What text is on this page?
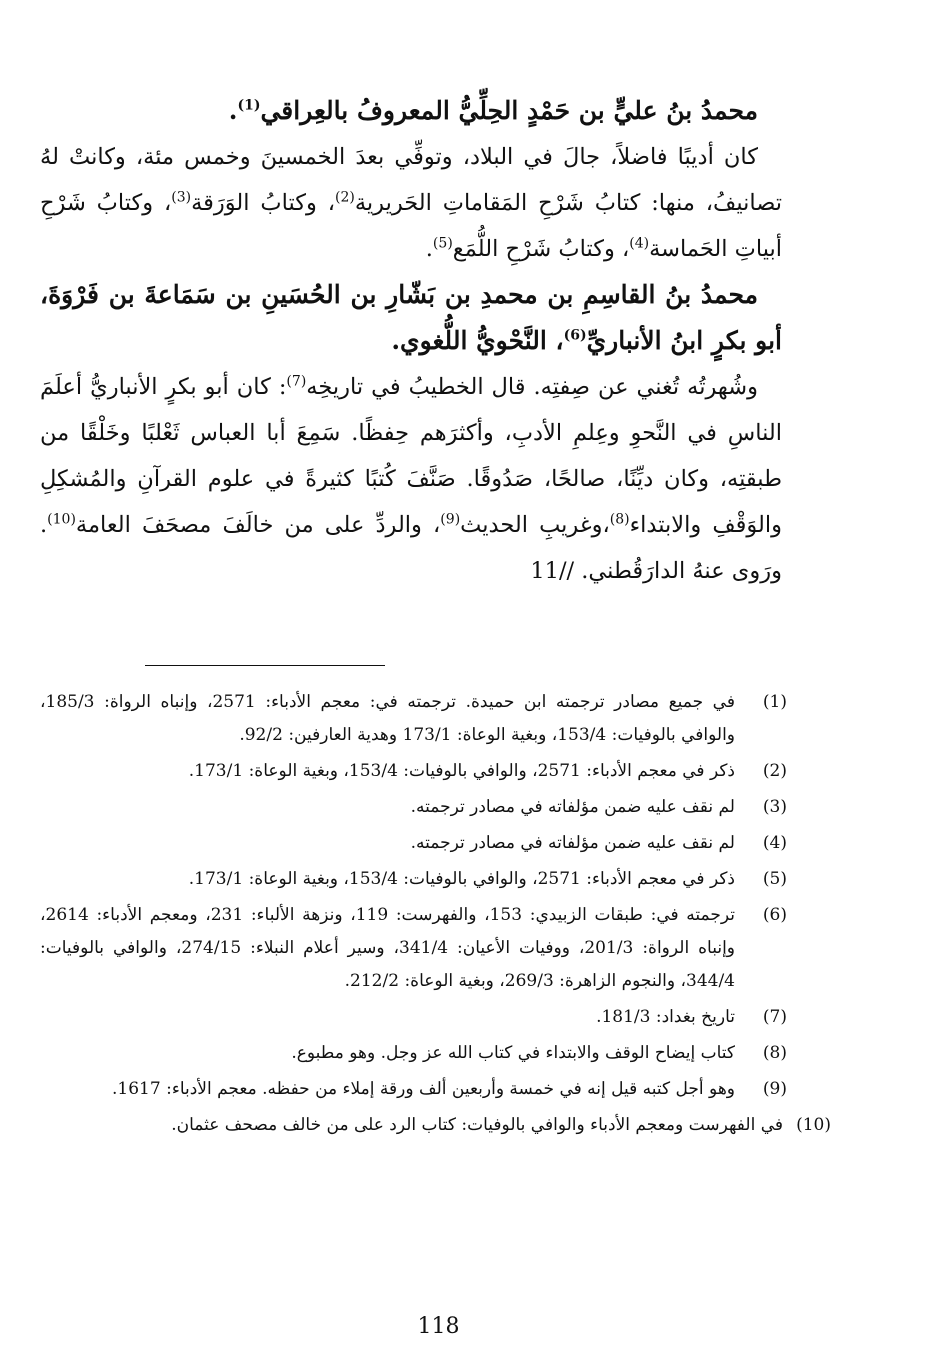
محمدُ بنُ عليٍّ بن حَمْدٍ الحِلِّيُّ المعروفُ بالعِراقي$^{(1)}$.

كان أديبًا فاضلاً، جالَ في البلاد، وتوفِّي بعدَ الخمسينَ وخمس مئة، وكانتْ لهُ تصانيفُ، منها: كتابُ شَرْحِ المَقاماتِ الحَريرية$^{(2)}$، وكتابُ الوَرَقة$^{(3)}$، وكتابُ شَرْحِ أبياتِ الحَماسة$^{(4)}$، وكتابُ شَرْحِ اللُّمَع$^{(5)}$.

محمدُ بنُ القاسِمِ بن محمدِ بن بَشّارِ بن الحُسَينِ بن سَمَاعةَ بن فَرْوَةَ، أبو بكرٍ ابنُ الأنباريِّ$^{(6)}$، النَّحْويُّ اللُّغوي.

وشُهرتُه تُغني عن صِفتِه. قال الخطيبُ في تاريخِه$^{(7)}$: كان أبو بكرٍ الأنباريُّ أعلَمَ الناسِ في النَّحوِ وعِلمِ الأدبِ، وأكثرَهم حِفظًا. سَمِعَ أبا العباس ثَعْلبًا وخَلْقًا من طبقتِه، وكان ديِّنًا، صالحًا، صَدُوقًا. صَنَّفَ كُتبًا كثيرةً في علوم القرآنِ والمُشكِلِ والوَقْفِ والابتداء$^{(8)}$،وغريبِ الحديث$^{(9)}$، والردِّ على من خالَفَ مصحَفَ العامة$^{(10)}$. ورَوى عنهُ الدارَقُطني. //11

(1)
في جميع مصادر ترجمته ابن حميدة. ترجمته في: معجم الأدباء: 2571، وإنباه الرواة: 185/3، والوافي بالوفيات: 153/4، وبغية الوعاة: 173/1 وهدية العارفين: 92/2.
(2)
ذكر في معجم الأدباء: 2571، والوافي بالوفيات: 153/4، وبغية الوعاة: 173/1.
(3)
لم نقف عليه ضمن مؤلفاته في مصادر ترجمته.
(4)
لم نقف عليه ضمن مؤلفاته في مصادر ترجمته.
(5)
ذكر في معجم الأدباء: 2571، والوافي بالوفيات: 153/4، وبغية الوعاة: 173/1.
(6)
ترجمته في: طبقات الزبيدي: 153، والفهرست: 119، ونزهة الألباء: 231، ومعجم الأدباء: 2614، وإنباه الرواة: 201/3، ووفيات الأعيان: 341/4، وسير أعلام النبلاء: 274/15، والوافي بالوفيات: 344/4، والنجوم الزاهرة: 269/3، وبغية الوعاة: 212/2.
(7)
تاريخ بغداد: 181/3.
(8)
كتاب إيضاح الوقف والابتداء في كتاب الله عز وجل. وهو مطبوع.
(9)
وهو أجل كتبه قيل إنه في خمسة وأربعين ألف ورقة إملاء من حفظه. معجم الأدباء: 1617.
(10)
في الفهرست ومعجم الأدباء والوافي بالوفيات: كتاب الرد على من خالف مصحف عثمان.
118
